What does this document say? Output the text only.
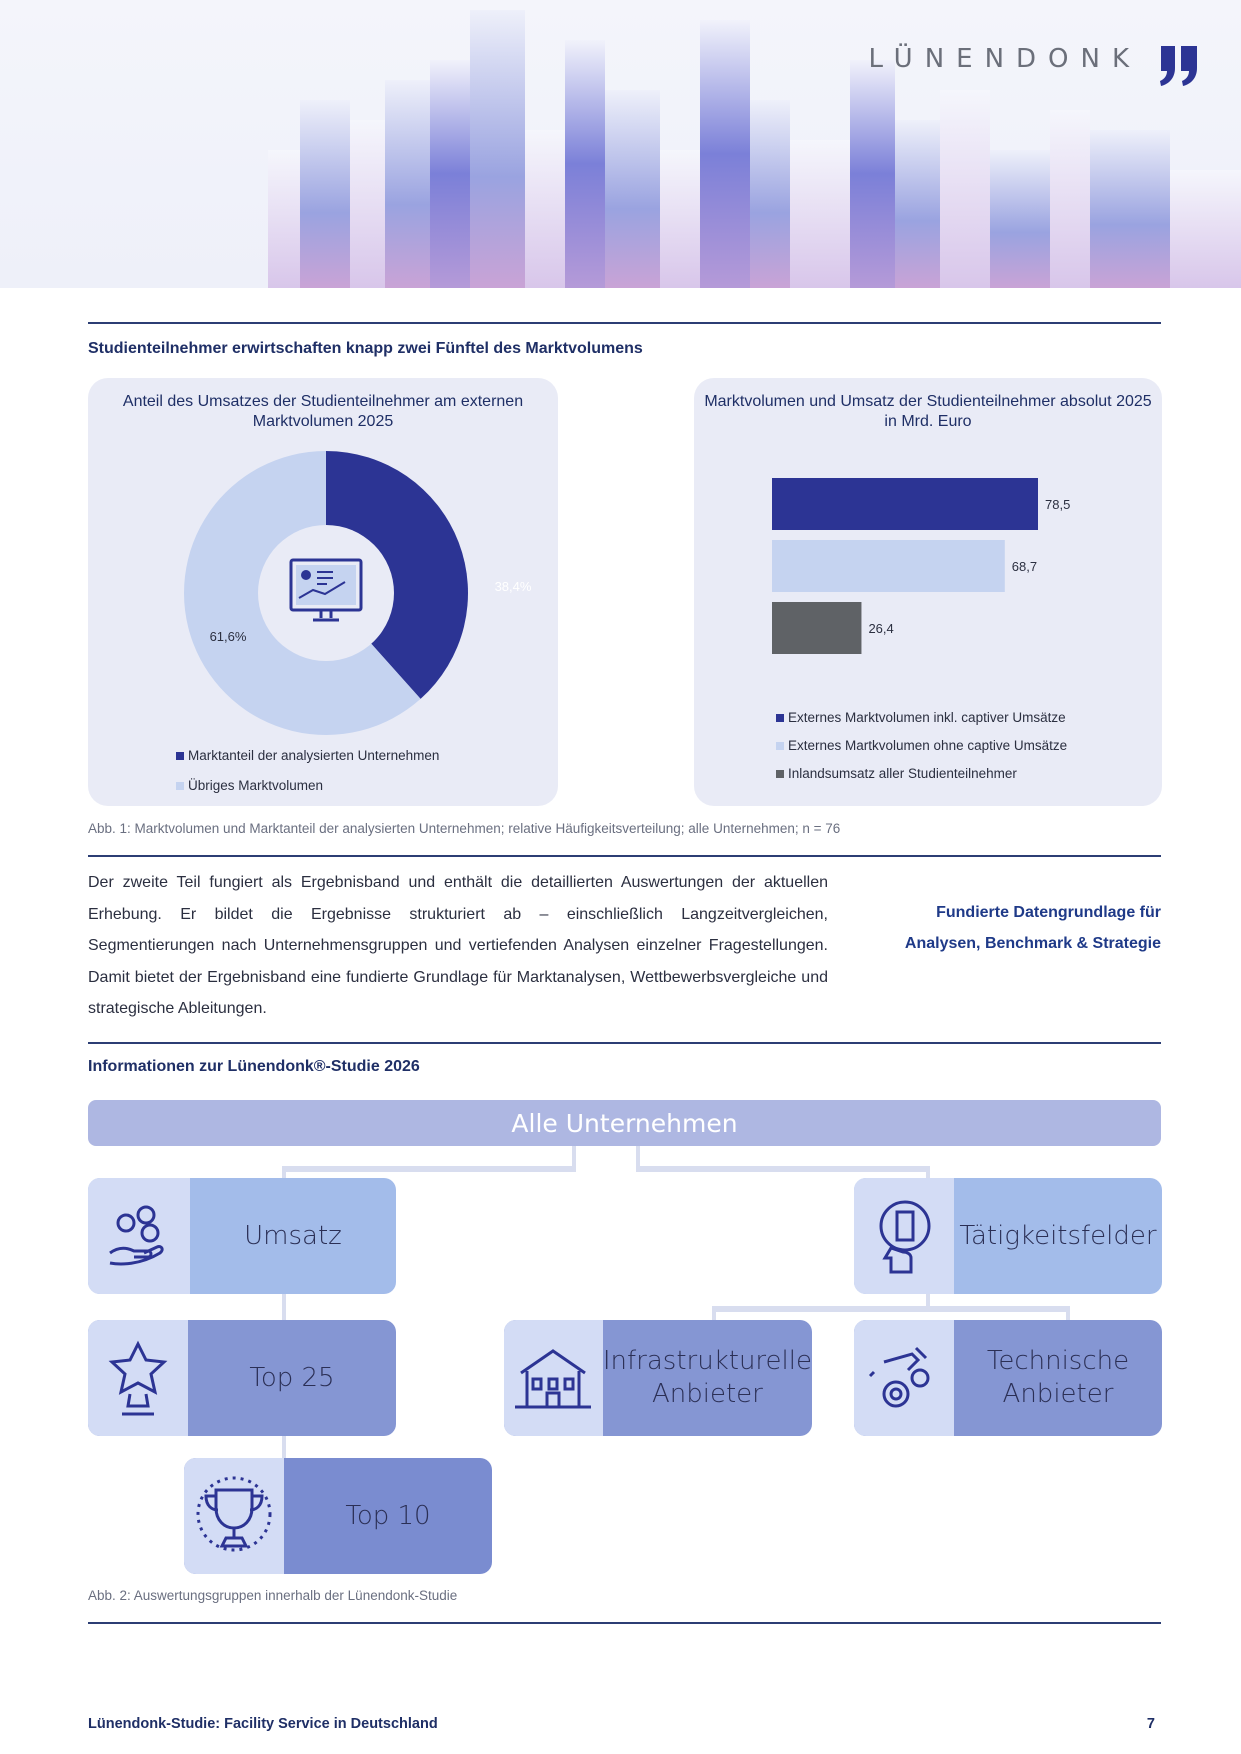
LÜNENDONK
Studienteilnehmer erwirtschaften knapp zwei Fünftel des Marktvolumens
Anteil des Umsatzes der Studienteilnehmer am externen Marktvolumen 2025
38,4%
61,6%
Marktanteil der analysierten Unternehmen
Übriges Marktvolumen
Marktvolumen und Umsatz der Studienteilnehmer absolut 2025 in Mrd. Euro
78,5
68,7
26,4
Externes Marktvolumen inkl. captiver Umsätze
Externes Martkvolumen ohne captive Umsätze
Inlandsumsatz aller Studienteilnehmer
Abb. 1: Marktvolumen und Marktanteil der analysierten Unternehmen; relative Häufigkeitsverteilung; alle Unternehmen; n = 76
Der zweite Teil fungiert als Ergebnisband und enthält die detaillierten Auswertungen der aktuellen Erhebung. Er bildet die Ergebnisse strukturiert ab – einschließlich Langzeitvergleichen, Segmentierungen nach Unternehmensgruppen und vertiefenden Analysen einzelner Fragestellungen. Damit bietet der Ergebnisband eine fundierte Grundlage für Marktanalysen, Wettbewerbsvergleiche und strategische Ableitungen.
Fundierte Datengrundlage für
Analysen, Benchmark & Strategie
Informationen zur Lünendonk®-Studie 2026
Alle Unternehmen
Umsatz
Top 25
Top 10
Tätigkeitsfelder
Infrastrukturelle
Anbieter
Technische
Anbieter
Abb. 2: Auswertungsgruppen innerhalb der Lünendonk-Studie
Lünendonk-Studie: Facility Service in Deutschland	7
